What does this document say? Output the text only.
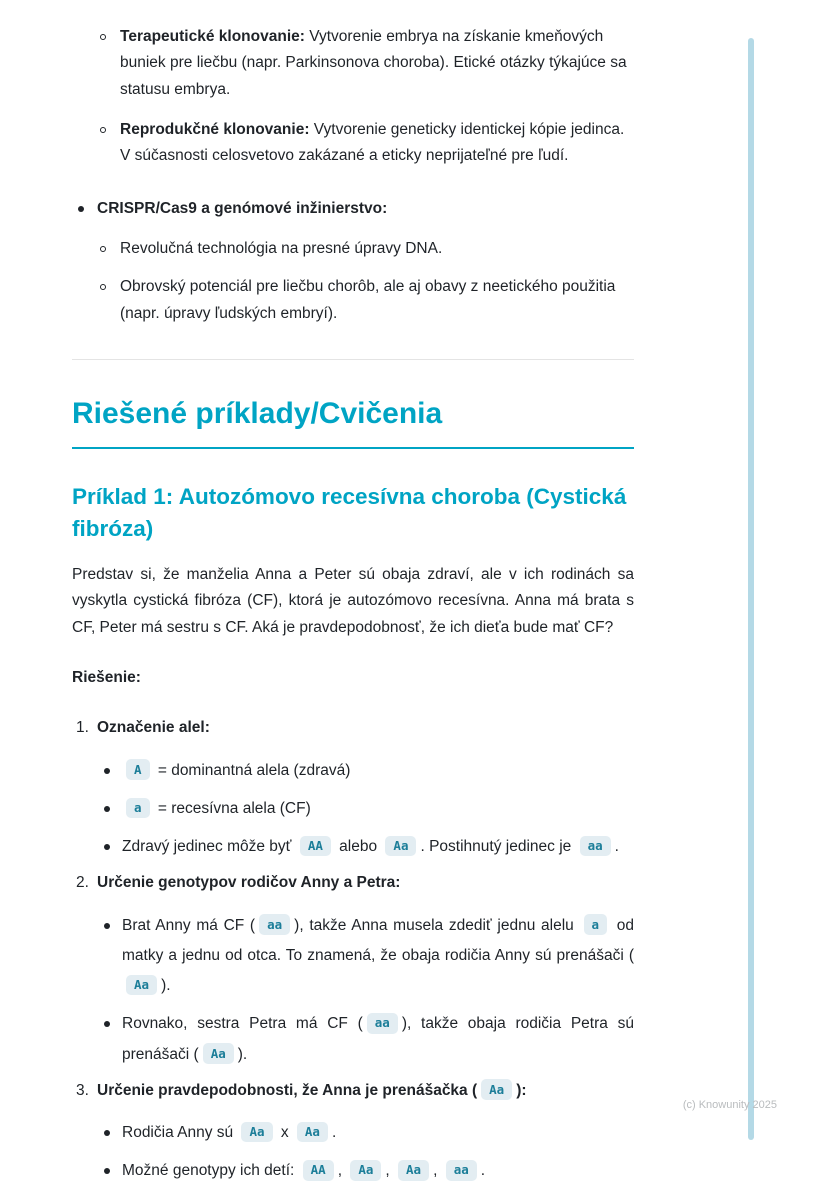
Terapeutické klonovanie: Vytvorenie embrya na získanie kmeňových buniek pre liečbu (napr. Parkinsonova choroba). Etické otázky týkajúce sa statusu embrya.
Reprodukčné klonovanie: Vytvorenie geneticky identickej kópie jedinca. V súčasnosti celosvetovo zakázané a eticky neprijateľné pre ľudí.
CRISPR/Cas9 a genómové inžinierstvo:
Revolučná technológia na presné úpravy DNA.
Obrovský potenciál pre liečbu chorôb, ale aj obavy z neetického použitia (napr. úpravy ľudských embryí).
Riešené príklady/Cvičenia
Príklad 1: Autozómovo recesívna choroba (Cystická fibróza)

Predstav si, že manželia Anna a Peter sú obaja zdraví, ale v ich rodinách sa vyskytla cystická fibróza (CF), ktorá je autozómovo recesívna. Anna má brata s CF, Peter má sestru s CF. Aká je pravdepodobnosť, že ich dieťa bude mať CF?

Riešenie:

1. Označenie alel:
A = dominantná alela (zdravá)
a = recesívna alela (CF)
Zdravý jedinec môže byť AA alebo Aa . Postihnutý jedinec je aa .
2. Určenie genotypov rodičov Anny a Petra:
Brat Anny má CF ( aa ), takže Anna musela zdediť jednu alelu a od matky a jednu od otca. To znamená, že obaja rodičia Anny sú prenášači (Aa ).
Rovnako, sestra Petra má CF ( aa ), takže obaja rodičia Petra sú prenášači ( Aa ).
3. Určenie pravdepodobnosti, že Anna je prenášačka ( Aa ):
Rodičia Anny sú Aa x Aa .
Možné genotypy ich detí: AA , Aa , Aa , aa .
(c) Knowunity 2025
